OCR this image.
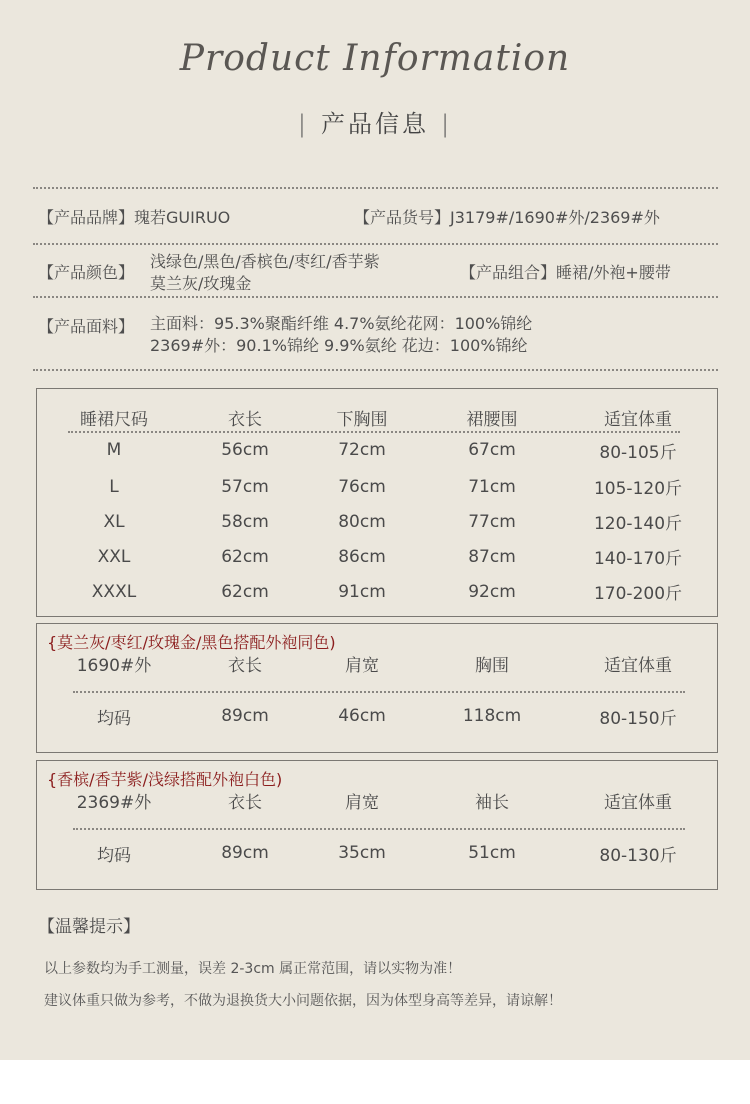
Product Information
| 产品信息 |
【产品品牌】瑰若GUIRUO	【产品货号】J3179#/1690#外/2369#外
【产品颜色】
浅绿色/黑色/香槟色/枣红/香芋紫
莫兰灰/玫瑰金
【产品组合】睡裙/外袍+腰带
【产品面料】 主面料：95.3%聚酯纤维 4.7%氨纶花网：100%锦纶
2369#外：90.1%锦纶 9.9%氨纶 花边：100%锦纶
睡裙尺码	衣长	下胸围	裙腰围	适宜体重
M	56cm	72cm	67cm	80-105斤
L	57cm	76cm	71cm	105-120斤
XL	58cm	80cm	77cm	120-140斤
XXL	62cm	86cm	87cm	140-170斤
XXXL	62cm	91cm	92cm	170-200斤
{莫兰灰/枣红/玫瑰金/黑色搭配外袍同色)
1690#外	衣长	肩宽	胸围	适宜体重
均码	89cm	46cm	118cm	80-150斤
{香槟/香芋紫/浅绿搭配外袍白色)
2369#外	衣长	肩宽	袖长	适宜体重
均码	89cm	35cm	51cm	80-130斤
【温馨提示】
以上参数均为手工测量，误差 2-3cm 属正常范围，请以实物为准！
建议体重只做为参考，不做为退换货大小问题依据，因为体型身高等差异，请谅解！
